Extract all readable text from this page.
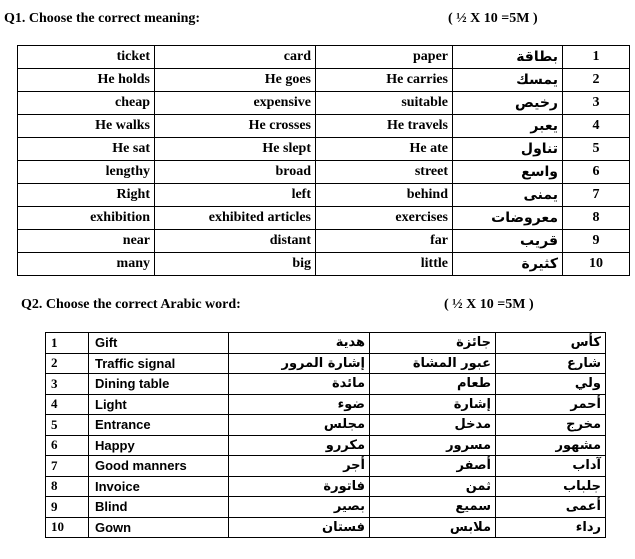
Q1. Choose the correct meaning:	( ½ X 10 =5M )
ticket	card	paper	بطاقة	1
He holds	He goes	He carries	يمسك	2
cheap	expensive	suitable	رخيص	3
He walks	He crosses	He travels	يعبر	4
He sat	He slept	He ate	تناول	5
lengthy	broad	street	واسع	6
Right	left	behind	يمنى	7
exhibition	exhibited articles	exercises	معروضات	8
near	distant	far	قريب	9
many	big	little	كثيرة	10
Q2. Choose the correct Arabic word:	( ½ X 10 =5M )
1	Gift	هدية	جائزة	كأس
2	Traffic signal	إشارة المرور	عبور المشاة	شارع
3	Dining table	مائدة	طعام	ولي
4	Light	ضوء	إشارة	أحمر
5	Entrance	مجلس	مدخل	مخرج
6	Happy	مكررو	مسرور	مشهور
7	Good manners	أجر	أصفر	آداب
8	Invoice	فاتورة	ثمن	جلباب
9	Blind	بصير	سميع	أعمى
10	Gown	فستان	ملابس	رداء
